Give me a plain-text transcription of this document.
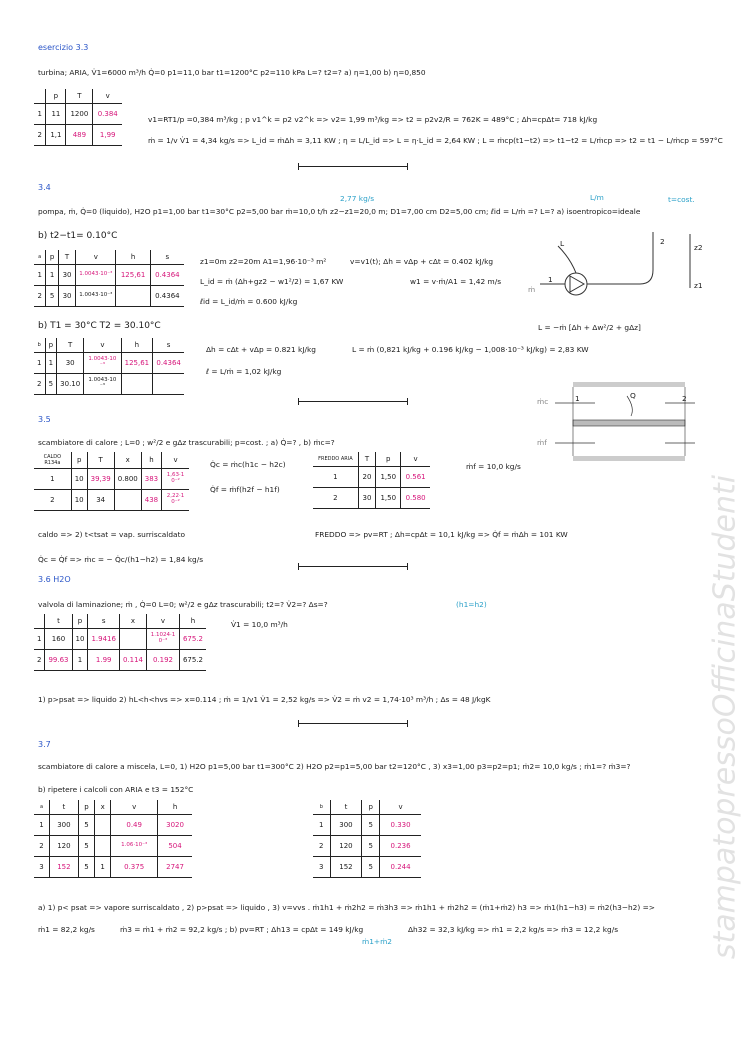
stampatopressoOfficinaStudenti
esercizio 3.3
turbina; ARIA, V̇1=6000 m³/h Q̇=0 p1=11,0 bar t1=1200°C p2=110 kPa L=? t2=? a) η=1,00 b) η=0,850
	p	T	v
1	11	1200	0.384
2	1,1	489	1,99
v1=RT1/p =0,384 m³/kg ; p v1^k = p2 v2^k => v2= 1,99 m³/kg => t2 = p2v2/R = 762K = 489°C ; Δh=cpΔt= 718 kJ/kg
ṁ = 1/v V̇1 = 4,34 kg/s => L_id = ṁΔh = 3,11 KW ; η = L/L_id => L = η·L_id = 2,64 KW ; L = ṁcp(t1−t2) => t1−t2 = L/ṁcp => t2 = t1 − L/ṁcp = 597°C
3.4
2,77 kg/s	L/m	t=cost.
pompa, ṁ, Q̇=0 (liquido), H2O p1=1,00 bar t1=30°C p2=5,00 bar ṁ=10,0 t/h z2−z1=20,0 m; D1=7,00 cm D2=5,00 cm; ℓid = L/ṁ =? L=? a) isoentropico=ideale
b) t2−t1= 0.10°C
a	p	T	v	h	s
1	1	30	1.0043·10⁻³	125,61	0.4364
2	5	30	1.0043·10⁻³		0.4364
z1=0m z2=20m A1=1,96·10⁻³ m²
L_id = ṁ (Δh+gz2 − w1²/2) = 1,67 KW
ℓid = L_id/ṁ = 0.600 kJ/kg
v=v1(t); Δh = vΔp + cΔt = 0.402 kJ/kg
w1 = v·ṁ/A1 = 1,42 m/s
ṁ
1
2
L	z2
z1
b) T1 = 30°C T2 = 30.10°C	L = −ṁ [Δh + Δw²/2 + gΔz]
b	p	T	v	h	s
1	1	30	1.0043·10⁻³	125,61	0.4364
2	5	30.10	1.0043·10⁻³		
Δh = cΔt + vΔp = 0.821 kJ/kg
ℓ = L/ṁ = 1,02 kJ/kg
L = ṁ (0,821 kJ/kg + 0.196 kJ/kg − 1,008·10⁻³ kJ/kg) = 2,83 KW
ṁc
ṁf
1	2
Q
3.5
scambiatore di calore ; L=0 ; w²/2 e gΔz trascurabili; p=cost. ; a) Q̇=? , b) ṁc=?
CALDO R134a	p	T	x	h	v
1	10	39,39	0.800	383	1,63·10⁻²
2	10	34		438	2,22·10⁻²
Q̇c = ṁc(h1c − h2c)
Q̇f = ṁf(h2f − h1f)
FREDDO ARIA	T	p	v
1	20	1,50	0.561
2	30	1,50	0.580
ṁf = 10,0 kg/s
caldo => 2) t<tsat = vap. surriscaldato	FREDDO => pv=RT ; Δh=cpΔt = 10,1 kJ/kg => Q̇f = ṁΔh = 101 KW
Q̇c = Q̇f => ṁc = − Q̇c/(h1−h2) = 1,84 kg/s
3.6 H2O
valvola di laminazione; ṁ , Q̇=0 L=0; w²/2 e gΔz trascurabili; t2=? V̇2=? Δs=?	(h1=h2)
	t	p	s	x	v	h
1	160	10	1.9416		1.1024·10⁻³	675.2
2	99.63	1	1.99	0.114	0.192	675.2
V̇1 = 10,0 m³/h
1) p>psat => liquido 2) hL<h<hvs => x=0.114 ; ṁ = 1/v1 V̇1 = 2,52 kg/s => V̇2 = ṁ v2 = 1,74·10³ m³/h ; Δs = 48 J/kgK
3.7
scambiatore di calore a miscela, L=0, 1) H2O p1=5,00 bar t1=300°C 2) H2O p2=p1=5,00 bar t2=120°C , 3) x3=1,00 p3=p2=p1; ṁ2= 10,0 kg/s ; ṁ1=? ṁ3=?
b) ripetere i calcoli con ARIA e t3 = 152°C
a	t	p	x	v	h
1	300	5		0.49	3020
2	120	5		1.06·10⁻³	504
3	152	5	1	0.375	2747
b	t	p	v
1	300	5	0.330
2	120	5	0.236
3	152	5	0.244
a) 1) p< psat => vapore surriscaldato , 2) p>psat => liquido , 3) v=vvs . ṁ1h1 + ṁ2h2 = ṁ3h3 => ṁ1h1 + ṁ2h2 = (ṁ1+ṁ2) h3 => ṁ1(h1−h3) = ṁ2(h3−h2) =>
ṁ1 = 82,2 kg/s	ṁ3 = ṁ1 + ṁ2 = 92,2 kg/s ; b) pv=RT ; Δh13 = cpΔt = 149 kJ/kg
ṁ1+ṁ2
Δh32 = 32,3 kJ/kg => ṁ1 = 2,2 kg/s => ṁ3 = 12,2 kg/s
